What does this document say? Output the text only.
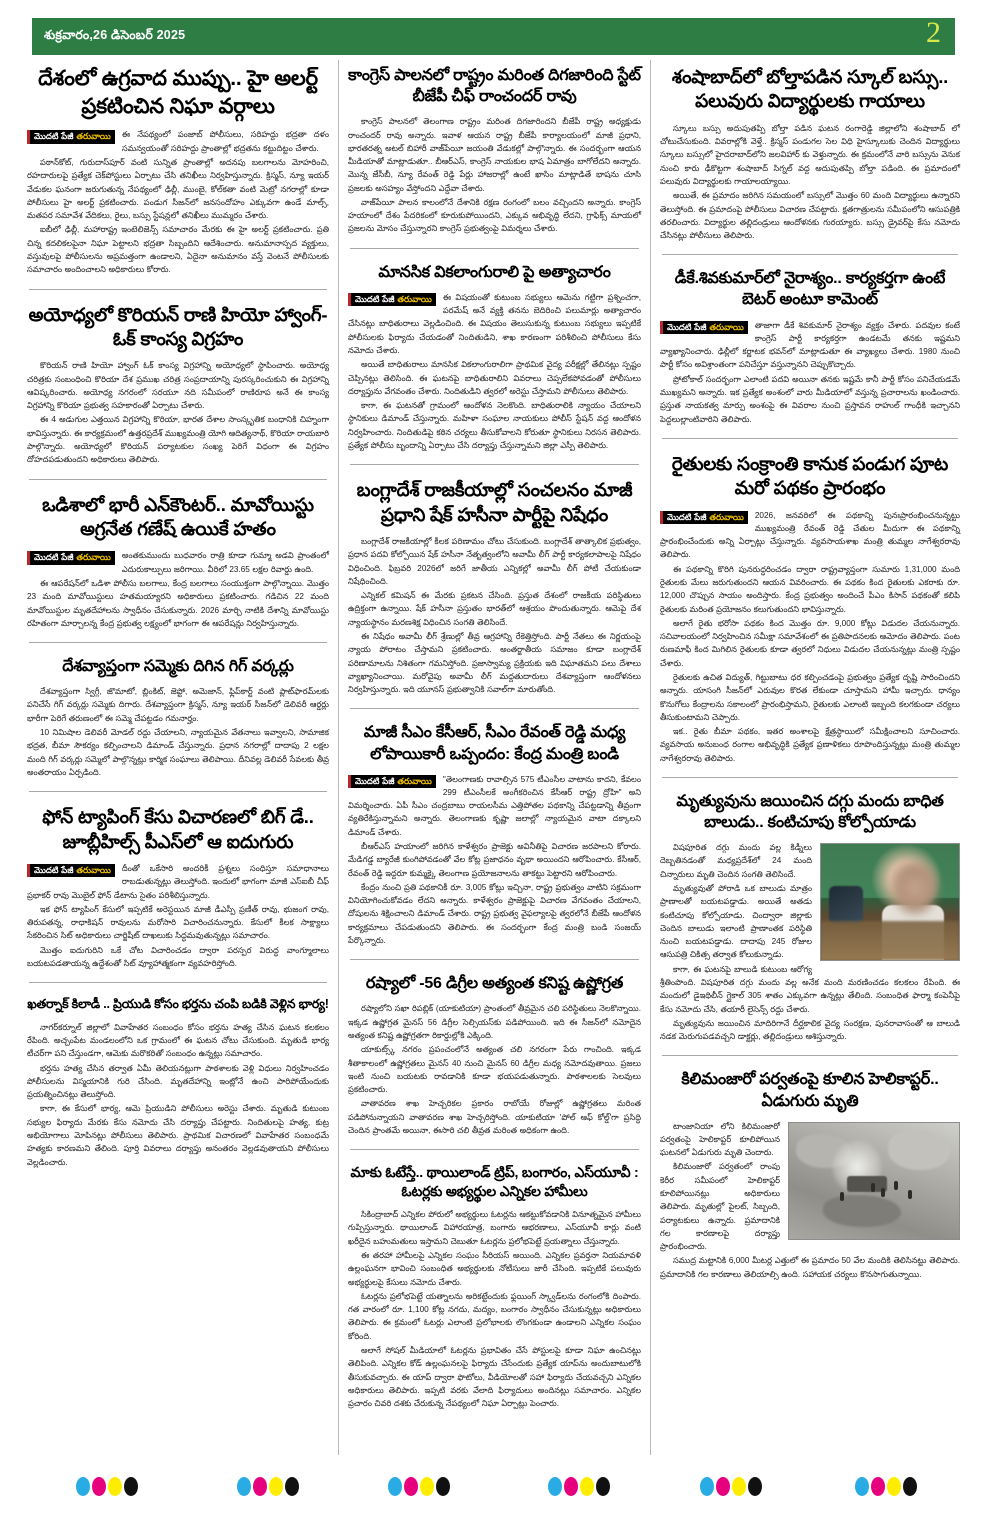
శుక్రవారం,26 డిసెంబర్ 2025	2
దేశంలో ఉగ్రవాద ముప్పు.. హై అలర్ట్ ప్రకటించిన నిఘా వర్గాలు

మొదటి పేజీ తరువాయి	ఈ నేపథ్యంలో పంజాబ్ పోలీసులు, సరిహద్దు భద్రతా దళం సమన్వయంతో సరిహద్దు ప్రాంతాల్లో భద్రతను కట్టుదిట్టం చేశారు.

పఠాన్‌కోట్, గురుదాస్‌పూర్ వంటి సున్నిత ప్రాంతాల్లో అదనపు బలగాలను మోహరించి, రహదారులపై ప్రత్యేక చెక్‌పోస్టులు ఏర్పాటు చేసి తనిఖీలు నిర్వహిస్తున్నారు. క్రిస్మస్, న్యూ ఇయర్ వేడుకల ఘనంగా జరుగుతున్న నేపథ్యంలో ఢిల్లీ, ముంబై, కోల్‌కతా వంటి మెట్రో నగరాల్లో కూడా పోలీసులు హై అలర్ట్ ప్రకటించారు. పండుగ సీజన్‌లో జనసందోహం ఎక్కువగా ఉండే మాల్స్, మతపర సమావేశ వేదికలు, రైలు, బస్సు స్టేషన్లలో తనిఖీలు ముమ్మరం చేశారు.

ఐబీలో ఢిల్లీ, మహారాష్ట్ర ఇంటెలిజెన్స్ సమాచారం మేరకు ఈ హై అలర్ట్ ప్రకటించారు. ప్రతి చిన్న కదలికలపైనా నిఘా పెట్టాలని భద్రతా సిబ్బందిని ఆదేశించారు. అనుమానాస్పద వ్యక్తులు, వస్తువులపై పోలీసులను అప్రమత్తంగా ఉండాలని, ఏదైనా అనుమానం వస్తే వెంటనే పోలీసులకు సమాచారం అందించాలని అధికారులు కోరారు.

అయోధ్యలో కొరియన్ రాణి హియో హ్వాంగ్-ఓక్ కాంస్య విగ్రహం

కొరియన్ రాణి హియో హ్వాంగ్ ఓక్ కాంస్య విగ్రహాన్ని అయోధ్యలో స్థాపించారు. అయోధ్య చరిత్రకు సంబంధించి కొరియా దేశ ప్రముఖ చరిత్ర సంప్రదాయాన్ని పురస్కరించుకుని ఈ విగ్రహాన్ని ఆవిష్కరించారు. అయోధ్య నగరంలో సరయూ నది సమీపంలో రాణిరూప అనే ఈ కాంస్య విగ్రహాన్ని కొరియా ప్రభుత్వ సహకారంతో ఏర్పాటు చేశారు.

ఈ 4 అడుగుల ఎత్తయిన విగ్రహాన్ని కొరియా, భారత దేశాల సాంస్కృతిక బంధానికి చిహ్నంగా భావిస్తున్నారు. ఈ కార్యక్రమంలో ఉత్తరప్రదేశ్ ముఖ్యమంత్రి యోగి ఆదిత్యనాథ్, కొరియా రాయబారి పాల్గొన్నారు. అయోధ్యలో కొరియన్ పర్యాటకుల సంఖ్య పెరిగే విధంగా ఈ విగ్రహం దోహదపడుతుందని అధికారులు తెలిపారు.

ఒడిశాలో భారీ ఎన్‌కౌంటర్.. మావోయిస్టు అగ్రనేత గణేష్ ఉయికే హతం

మొదటి పేజీ తరువాయి	అంతకుముందు బుధవారం రాత్రి కూడా గుమ్మా అడవి ప్రాంతంలో ఎదురుకాల్పులు జరిగాయి. వీరిలో 23.65 లక్షల రివార్డు ఉంది.

ఈ ఆపరేషన్‌లో ఒడిశా పోలీసు బలగాలు, కేంద్ర బలగాలు సంయుక్తంగా పాల్గొన్నాయి. మొత్తం 23 మంది మావోయిస్టులు హతమయ్యారని అధికారులు ప్రకటించారు. గడిచిన 22 మంది మావోయిస్టుల మృతదేహాలను స్వాధీనం చేసుకున్నారు. 2026 మార్చి నాటికి దేశాన్ని మావోయిస్టు రహితంగా మార్చాలన్న కేంద్ర ప్రభుత్వ లక్ష్యంలో భాగంగా ఈ ఆపరేషన్లు నిర్వహిస్తున్నారు.

దేశవ్యాప్తంగా సమ్మెకు దిగిన గిగ్ వర్కర్లు

దేశవ్యాప్తంగా స్విగ్గీ, జొమాటో, బ్లింకిట్, జెప్టో, అమెజాన్, ఫ్లిప్‌కార్ట్ వంటి ప్లాట్‌ఫారమ్‌లకు పనిచేసే గిగ్ వర్కర్లు సమ్మెకు దిగారు. దేశవ్యాప్తంగా క్రిస్మస్, న్యూ ఇయర్ సీజన్‌లో డెలివరీ ఆర్డర్లు భారీగా పెరిగే తరుణంలో ఈ సమ్మె చేపట్టడం గమనార్హం.

10 నిమిషాల డెలివరీ మోడల్ రద్దు చేయాలని, న్యాయమైన వేతనాలు ఇవ్వాలని, సామాజిక భద్రత, బీమా సౌకర్యం కల్పించాలని డిమాండ్ చేస్తున్నారు. ప్రధాన నగరాల్లో దాదాపు 2 లక్షల మంది గిగ్ వర్కర్లు సమ్మెలో పాల్గొన్నట్లు కార్మిక సంఘాలు తెలిపాయి. దీనివల్ల డెలివరీ సేవలకు తీవ్ర అంతరాయం ఏర్పడింది.

ఫోన్ ట్యాపింగ్ కేసు విచారణలో బిగ్ డే.. జూబ్లీహిల్స్ పీఎస్‌లో ఆ ఐదుగురు

మొదటి పేజీ తరువాయి	దీంతో ఒకేసారి అందరికీ ప్రశ్నలు సంధిస్తూ సమాధానాలు రాబడుతున్నట్లు తెలుస్తోంది. ఇందులో భాగంగా మాజీ ఎస్ఐబీ చీఫ్ ప్రభాకర్ రావు మొబైల్ ఫోన్ డేటాను సైతం పరిశీలిస్తున్నారు.

ఇక ఫోన్ ట్యాపింగ్ కేసులో ఇప్పటికే అరెస్టయిన మాజీ డీఎస్పీ ప్రణీత్ రావు, భుజంగ రావు, తిరుపతన్న, రాధాకిషన్ రావులను మరోసారి విచారించనున్నారు. కేసులో కీలక సాక్ష్యాలు సేకరించిన సిట్ అధికారులు చార్జిషీట్ దాఖలుకు సిద్ధమవుతున్నట్లు సమాచారం.

మొత్తం ఐదుగురిని ఒకే చోట విచారించడం ద్వారా పరస్పర విరుద్ధ వాంగ్మూలాలు బయటపడతాయన్న ఉద్దేశంతో సిట్ వ్యూహాత్మకంగా వ్యవహరిస్తోంది.

ఖతర్నాక్ కిలాడీ .. ప్రియుడి కోసం భర్తను చంపి బడికి వెళ్లిన భార్య!

నాగర్‌కర్నూల్ జిల్లాలో వివాహేతర సంబంధం కోసం భర్తను హత్య చేసిన ఘటన కలకలం రేపింది. అచ్చంపేట మండలంలోని ఒక గ్రామంలో ఈ ఘటన చోటు చేసుకుంది. మృతుడి భార్య టీచర్‌గా పని చేస్తుండగా, ఆమెకు మరొకరితో సంబంధం ఉన్నట్లు సమాచారం.

భర్తను హత్య చేసిన తర్వాత ఏమీ తెలియనట్లుగా పాఠశాలకు వెళ్లి విధులు నిర్వహించడం పోలీసులను విస్మయానికి గురి చేసింది. మృతదేహాన్ని ఇంట్లోనే ఉంచి పారిపోయేందుకు ప్రయత్నించినట్లు తెలుస్తోంది.

కాగా, ఈ కేసులో భార్య, ఆమె ప్రియుడిని పోలీసులు అరెస్టు చేశారు. మృతుడి కుటుంబ సభ్యుల ఫిర్యాదు మేరకు కేసు నమోదు చేసి దర్యాప్తు చేపట్టారు. నిందితులపై హత్య, కుట్ర అభియోగాలు మోపినట్లు పోలీసులు తెలిపారు. ప్రాథమిక విచారణలో వివాహేతర సంబంధమే హత్యకు కారణమని తేలింది. పూర్తి వివరాలు దర్యాప్తు అనంతరం వెల్లడవుతాయని పోలీసులు వెల్లడించారు.

కాంగ్రెస్ పాలనలో రాష్ట్రం మరింత దిగజారింది స్టేట్ బీజేపీ చీఫ్ రాంచందర్ రావు

కాంగ్రెస్ పాలనలో తెలంగాణ రాష్ట్రం మరింత దిగజారిందని బీజేపీ రాష్ట్ర అధ్యక్షుడు రాంచందర్ రావు అన్నారు. ఇవాళ ఆయన రాష్ట్ర బీజేపీ కార్యాలయంలో మాజీ ప్రధాని, భారతరత్న అటల్ బిహారీ వాజ్‌పేయీ జయంతి వేడుకల్లో పాల్గొన్నారు. ఈ సందర్భంగా ఆయన మీడియాతో మాట్లాడుతూ.. బీఆర్ఎస్, కాంగ్రెస్ నాయకుల భాష ఏమాత్రం బాగోలేదని అన్నారు. మొన్న జేసీబీ, న్యూ రేవంత్ రెడ్డి పేర్లు హాజరాల్లో ఉంటే ఖాసిం మాట్లాడితే భాషను చూసి ప్రజలకు అసహ్యం వేస్తోందని ఎద్దేవా చేశారు.

వాజ్‌పేయీ పాలన కాలంలోనే దేశానికి రక్షణ రంగంలో బలం వచ్చిందని అన్నారు. కాంగ్రెస్ హయాంలో దేశం పేదరికంలో కూరుకుపోయిందని, ఎక్కువ అభివృద్ధి లేదని, గ్రాఫిక్స్ మాయలో ప్రజలను మోసం చేస్తున్నారని కాంగ్రెస్ ప్రభుత్వంపై విమర్శలు చేశారు.

మానసిక వికలాంగురాలి పై అత్యాచారం

మొదటి పేజీ తరువాయి	ఈ విషయంతో కుటుంబ సభ్యులు ఆమెను గట్టిగా ప్రశ్నించగా, పరమేష్ అనే వ్యక్తి తనను బెదిరించి పలుమార్లు అత్యాచారం చేసినట్లు బాధితురాలు వెల్లడించింది. ఈ విషయం తెలుసుకున్న కుటుంబ సభ్యులు ఇప్పటికే పోలీసులకు ఫిర్యాదు చేయడంతో నిందితుడిని, శాఖ కారణంగా పరిశీలించి పోలీసులు కేసు నమోదు చేశారు.

అయితే బాధితురాలు మానసిక వికలాంగురాలిగా ప్రాథమిక వైద్య పరీక్షల్లో తేలినట్లు స్పష్టం చెప్పినట్లు తెలిసింది. ఈ ఘటనపై బాధితురాలిని వివరాలు చెప్పలేకపోవడంతో పోలీసులు దర్యాప్తును వేగవంతం చేశారు. నిందితుడిని త్వరలో అరెస్టు చేస్తామని పోలీసులు తెలిపారు.

కాగా, ఈ ఘటనతో గ్రామంలో ఆందోళన నెలకొంది. బాధితురాలికి న్యాయం చేయాలని స్థానికులు డిమాండ్ చేస్తున్నారు. మహిళా సంఘాల నాయకులు పోలీస్ స్టేషన్ వద్ద ఆందోళన నిర్వహించారు. నిందితుడిపై కఠిన చర్యలు తీసుకోవాలని కోరుతూ స్థానికులు నిరసన తెలిపారు. ప్రత్యేక పోలీసు బృందాన్ని ఏర్పాటు చేసి దర్యాప్తు చేస్తున్నామని జిల్లా ఎస్పీ తెలిపారు.

బంగ్లాదేశ్ రాజకీయాల్లో సంచలనం మాజీ ప్రధాని షేక్ హసీనా పార్టీపై నిషేధం

బంగ్లాదేశ్ రాజకీయాల్లో కీలక పరిణామం చోటు చేసుకుంది. బంగ్లాదేశ్ తాత్కాలిక ప్రభుత్వం, ప్రధాన పదవి కోల్పోయిన షేక్ హసీనా నేతృత్వంలోని అవామీ లీగ్ పార్టీ కార్యకలాపాలపై నిషేధం విధించింది. ఫిబ్రవరి 2026లో జరిగే జాతీయ ఎన్నికల్లో అవామీ లీగ్ పోటీ చేయకుండా నిషేధించింది.

ఎన్నికల్ కమిషన్ ఈ మేరకు ప్రకటన చేసింది. ప్రస్తుత దేశంలో రాజకీయ పరిస్థితులు ఉద్రిక్తంగా ఉన్నాయి. షేక్ హసీనా ప్రస్తుతం భారత్‌లో ఆశ్రయం పొందుతున్నారు. ఆమెపై దేశ న్యాయస్థానం మరణశిక్ష విధించిన సంగతి తెలిసిందే.

ఈ నిషేధం అవామీ లీగ్ శ్రేణుల్లో తీవ్ర ఆగ్రహాన్ని రేకెత్తిస్తోంది. పార్టీ నేతలు ఈ నిర్ణయంపై న్యాయ పోరాటం చేస్తామని ప్రకటించారు. అంతర్జాతీయ సమాజం కూడా బంగ్లాదేశ్ పరిణామాలను నిశితంగా గమనిస్తోంది. ప్రజాస్వామ్య ప్రక్రియకు ఇది విఘాతమని పలు దేశాలు వ్యాఖ్యానించాయి. మరోవైపు అవామీ లీగ్ మద్దతుదారులు దేశవ్యాప్తంగా ఆందోళనలు నిర్వహిస్తున్నారు. ఇది యూనస్ ప్రభుత్వానికి సవాల్‌గా మారుతోంది.

మాజీ సీఎం కేసీఆర్, సీఎం రేవంత్ రెడ్డి మధ్య లోపాయికారీ ఒప్పందం: కేంద్ర మంత్రి బండి

మొదటి పేజీ తరువాయి	"తెలంగాణకు రావాల్సిన 575 టీఎంసీల వాటాను కాదని, కేవలం 299 టీఎంసీలకే అంగీకరించిన కేసీఆర్ రాష్ట్ర ద్రోహి" అని విమర్శించారు. ఏపీ సీఎం చంద్రబాబు రాయలసీమ ఎత్తిపోతల పథకాన్ని చేపట్టడాన్ని తీవ్రంగా వ్యతిరేకిస్తున్నామని అన్నారు. తెలంగాణకు కృష్ణా జలాల్లో న్యాయమైన వాటా దక్కాలని డిమాండ్ చేశారు.

బీఆర్ఎస్ హయాంలో జరిగిన కాళేశ్వరం ప్రాజెక్టు అవినీతిపై విచారణ జరపాలని కోరారు. మేడిగడ్డ బ్యారేజీ కుంగిపోవడంతో వేల కోట్ల ప్రజాధనం వృథా అయిందని ఆరోపించారు. కేసీఆర్, రేవంత్ రెడ్డి ఇద్దరూ కుమ్మక్కై తెలంగాణ ప్రయోజనాలను తాకట్టు పెట్టారని ఆరోపించారు.

కేంద్రం నుంచి ప్రతి పథకానికీ రూ. 3,005 కోట్లు ఇచ్చినా, రాష్ట్ర ప్రభుత్వం వాటిని సక్రమంగా వినియోగించుకోవడం లేదని అన్నారు. కాళేశ్వరం ప్రాజెక్టుపై విచారణ వేగవంతం చేయాలని, దోషులను శిక్షించాలని డిమాండ్ చేశారు. రాష్ట్ర ప్రభుత్వ వైఫల్యాలపై త్వరలోనే బీజేపీ ఆందోళన కార్యక్రమాలు చేపడుతుందని తెలిపారు. ఈ సందర్భంగా కేంద్ర మంత్రి బండి సంజయ్ పేర్కొన్నారు.

రష్యాలో -56 డిగ్రీల అత్యంత కనిష్ట ఉష్ణోగ్రత

రష్యాలోని సఖా రిపబ్లిక్ (యాకుటియా) ప్రాంతంలో తీవ్రమైన చలి పరిస్థితులు నెలకొన్నాయి. ఇక్కడ ఉష్ణోగ్రత మైనస్ 56 డిగ్రీల సెల్సియస్‌కు పడిపోయింది. ఇది ఈ సీజన్‌లో నమోదైన అత్యంత కనిష్ట ఉష్ణోగ్రతగా రికార్డుల్లోకి ఎక్కింది.

యాకుట్స్క్ నగరం ప్రపంచంలోనే అత్యంత చలి నగరంగా పేరు గాంచింది. ఇక్కడ శీతాకాలంలో ఉష్ణోగ్రతలు మైనస్ 40 నుంచి మైనస్ 60 డిగ్రీల మధ్య నమోదవుతాయి. ప్రజలు ఇంటి నుంచి బయటకు రావడానికి కూడా భయపడుతున్నారు. పాఠశాలలకు సెలవులు ప్రకటించారు.

వాతావరణ శాఖ హెచ్చరికల ప్రకారం రాబోయే రోజుల్లో ఉష్ణోగ్రతలు మరింత పడిపోనున్నాయని వాతావరణ శాఖ హెచ్చరిస్తోంది. యాకుటియా 'పోల్ ఆఫ్ కోల్డ్'గా ప్రసిద్ధి చెందిన ప్రాంతమే అయినా, ఈసారి చలి తీవ్రత మరింత అధికంగా ఉంది.

మాకు ఓటేస్తే.. థాయిలాండ్ ట్రిప్, బంగారం, ఎస్‌యూవీ : ఓటర్లకు అభ్యర్థుల ఎన్నికల హామీలు

సికింద్రాబాద్ ఎన్నికల పోరులో అభ్యర్థులు ఓటర్లను ఆకట్టుకోవడానికి వినూత్నమైన హామీలు గుప్పిస్తున్నారు. థాయిలాండ్ విహారయాత్ర, బంగారు ఆభరణాలు, ఎస్‌యూవీ కార్లు వంటి ఖరీదైన బహుమతులు ఇస్తామని చెబుతూ ఓటర్లను ప్రలోభపెట్టే ప్రయత్నాలు చేస్తున్నారు.

ఈ తరహా హామీలపై ఎన్నికల సంఘం సీరియస్ అయింది. ఎన్నికల ప్రవర్తనా నియమావళి ఉల్లంఘనగా భావించి సంబంధిత అభ్యర్థులకు నోటీసులు జారీ చేసింది. ఇప్పటికే పలువురు అభ్యర్థులపై కేసులు నమోదు చేశారు.

ఓటర్లను ప్రలోభపెట్టే యత్నాలను అరికట్టేందుకు ఫ్లయింగ్ స్క్వాడ్‌లను రంగంలోకి దింపారు. గత వారంలో రూ. 1,100 కోట్ల నగదు, మద్యం, బంగారం స్వాధీనం చేసుకున్నట్లు అధికారులు తెలిపారు. ఈ క్రమంలో ఓటర్లు ఎలాంటి ప్రలోభాలకు లొంగకుండా ఉండాలని ఎన్నికల సంఘం కోరింది.

అలాగే సోషల్ మీడియాలో ఓటర్లను ప్రభావితం చేసే పోస్టులపై కూడా నిఘా ఉంచినట్లు తెలిపింది. ఎన్నికల కోడ్ ఉల్లంఘనలపై ఫిర్యాదు చేసేందుకు ప్రత్యేక యాప్‌ను అందుబాటులోకి తీసుకువచ్చారు. ఈ యాప్ ద్వారా ఫొటోలు, వీడియోలతో సహా ఫిర్యాదు చేయవచ్చని ఎన్నికల అధికారులు తెలిపారు. ఇప్పటి వరకు వేలాది ఫిర్యాదులు అందినట్లు సమాచారం. ఎన్నికల ప్రచారం చివరి దశకు చేరుకున్న నేపథ్యంలో నిఘా ఏర్పాట్లు పెంచారు.

శంషాబాద్‌లో బోల్తాపడిన స్కూల్ బస్సు.. పలువురు విద్యార్థులకు గాయాలు

స్కూలు బస్సు అదుపుతప్పి బోల్తా పడిన ఘటన రంగారెడ్డి జిల్లాలోని శంషాబాద్ లో చోటుచేసుకుంది. వివరాల్లోకి వెళ్తే.. క్రిస్మస్ పండుగల సెల విధి హైస్కూలుకు చెందిన విద్యార్థులు స్కూలు బస్సులో హైదరాబాద్‌లోని జలవిహార్ కు వెళ్తున్నారు. ఈ క్రమంలోనే వారి బస్సును వెనుక నుంచి కారు ఢీకొట్టగా శంషాబాద్ సిగ్నల్ వద్ద అదుపుతప్పి బోల్తా పడింది. ఈ ప్రమాదంలో పలువురు విద్యార్థులకు గాయాలయ్యాయి.

అయితే, ఈ ప్రమాదం జరిగిన సమయంలో బస్సులో మొత్తం 60 మంది విద్యార్థులు ఉన్నారని తెలుస్తోంది. ఈ ప్రమాదంపై పోలీసులు విచారణ చేపట్టారు. క్షతగాత్రులను సమీపంలోని ఆసుపత్రికి తరలించారు. విద్యార్థుల తల్లిదండ్రులు ఆందోళనకు గురయ్యారు. బస్సు డ్రైవర్‌పై కేసు నమోదు చేసినట్లు పోలీసులు తెలిపారు.

డీకే.శివకుమార్‌లో నైరాశ్యం.. కార్యకర్తగా ఉంటే బెటర్ అంటూ కామెంట్

మొదటి పేజీ తరువాయి	తాజాగా డీకే శివకుమార్ నైరాశ్యం వ్యక్తం చేశారు. పదవుల కంటే కాంగ్రెస్ పార్టీ కార్యకర్తగా ఉండటమే తనకు ఇష్టమని వ్యాఖ్యానించారు. ఢిల్లీలో కర్ణాటక భవన్‌లో మాట్లాడుతూ ఈ వ్యాఖ్యలు చేశారు. 1980 నుంచి పార్టీ కోసం అవిశ్రాంతంగా పనిచేస్తూ వస్తున్నానని చెప్పుకొచ్చారు.

ప్రోటోకాల్ సందర్భంగా ఎలాంటి పదవి అయినా తనకు ఇష్టమే కానీ పార్టీ కోసం పనిచేయడమే ముఖ్యమని అన్నారు. ఇక ప్రత్యేక అంశంలో వారు మీడియాలో వస్తున్న ప్రచారాలను ఖండించారు. ప్రస్తుత నాయకత్వ మార్పు అంశంపై ఈ వివరాల నుంచి ప్రస్తావన రాహుల్ గాంధీకి ఇచ్చానని పెద్దలుల్లాంటివారిని తెలిపారు.

రైతులకు సంక్రాంతి కానుక పండుగ పూట మరో పథకం ప్రారంభం

మొదటి పేజీ తరువాయి	2026, జనవరిలో ఈ పథకాన్ని పునఃప్రారంభించనున్నట్టు ముఖ్యమంత్రి రేవంత్ రెడ్డి చేతుల మీదుగా ఈ పథకాన్ని ప్రారంభించేందుకు అన్ని ఏర్పాట్లు చేస్తున్నారు. వ్యవసాయశాఖ మంత్రి తుమ్మల నాగేశ్వరరావు తెలిపారు.

ఈ పథకాన్ని కొరిగి పునరుద్ధరించడం ద్వారా రాష్ట్రవ్యాప్తంగా సుమారు 1,31,000 మంది రైతులకు మేలు జరుగుతుందని ఆయన వివరించారు. ఈ పథకం కింద రైతులకు ఎకరాకు రూ. 12,000 చొప్పున సాయం అందిస్తారు. కేంద్ర ప్రభుత్వం అందించే పీఎం కిసాన్ పథకంతో కలిపి రైతులకు మరింత ప్రయోజనం కలుగుతుందని భావిస్తున్నారు.

అలాగే రైతు భరోసా పథకం కింద మొత్తం రూ. 9,000 కోట్లు విడుదల చేయనున్నారు. సచివాలయంలో నిర్వహించిన సమీక్షా సమావేశంలో ఈ ప్రతిపాదనలకు ఆమోదం తెలిపారు. పంట రుణమాఫీ కింద మిగిలిన రైతులకు కూడా త్వరలో నిధులు విడుదల చేయనున్నట్లు మంత్రి స్పష్టం చేశారు.

రైతులకు ఉచిత విద్యుత్, గిట్టుబాటు ధర కల్పించడంపై ప్రభుత్వం ప్రత్యేక దృష్టి సారించిందని అన్నారు. యాసంగి సీజన్‌లో ఎరువుల కొరత లేకుండా చూస్తామని హామీ ఇచ్చారు. ధాన్యం కొనుగోలు కేంద్రాలను సకాలంలో ప్రారంభిస్తామని, రైతులకు ఎలాంటి ఇబ్బంది కలగకుండా చర్యలు తీసుకుంటామని చెప్పారు.

ఇక.. రైతు బీమా పథకం, ఇతర అంశాలపై క్షేత్రస్థాయిలో సమీక్షించాలని సూచించారు. వ్యవసాయ అనుబంధ రంగాల అభివృద్ధికి ప్రత్యేక ప్రణాళికలు రూపొందిస్తున్నట్లు మంత్రి తుమ్మల నాగేశ్వరరావు తెలిపారు.

మృత్యువును జయించిన దగ్గు మందు బాధిత బాలుడు.. కంటిచూపు కోల్పోయాడు

విషపూరిత దగ్గు మందు వల్ల కిడ్నీలు దెబ్బతినడంతో మధ్యప్రదేశ్‌లో 24 మంది చిన్నారులు మృతి చెందిన సంగతి తెలిసిందే.

మృత్యువుతో పోరాడి ఒక బాలుడు మాత్రం ప్రాణాలతో బయటపడ్డాడు. అయితే అతడు కంటిచూపు కోల్పోయాడు. చింద్వారా జిల్లాకు చెందిన బాలుడు ఇలాంటి ప్రాణాంతక పరిస్థితి నుంచి బయటపడ్డాడు. దాదాపు 245 రోజుల ఆసుపత్రి చికిత్స తర్వాత కోలుకున్నాడు.

కాగా, ఈ ఘటనపై బాలుడి కుటుంబ ఆరోగ్య శ్రీతింపొంది. విషపూరిత దగ్గు మందు వల్ల అనేక మంది మరణించడం కలకలం రేపింది. ఈ మందులో డైఇథిలీన్ గ్లైకాల్ 305 శాతం ఎక్కువగా ఉన్నట్లు తేలింది. సంబంధిత ఫార్మా కంపెనీపై కేసు నమోదు చేసి, తయారీ లైసెన్స్ రద్దు చేశారు.

మృత్యువును జయించిన మాదిరిగానే దీర్ఘకాలిక వైద్య సంరక్షణ, పునరావాసంతో ఆ బాలుడి నడక మెరుగుపడవచ్చని డాక్టర్లు, తల్లిదండ్రులు ఆశిస్తున్నారు.

కిలిమంజారో పర్వతంపై కూలిన హెలికాప్టర్.. ఏడుగురు మృతి

టాంజానియా లోని కిలిమంజారో పర్వతంపై హెలికాప్టర్ కూలిపోయిన ఘటనలో ఏడుగురు మృతి చెందారు.

కిలిమంజారో పర్వతంలో రాంపు కెరీర సమీపంలో హెలికాప్టర్ కూలిపోయినట్లు అధికారులు తెలిపారు. మృతుల్లో పైలట్, సిబ్బంది, పర్యాటకులు ఉన్నారు. ప్రమాదానికి గల కారణాలపై దర్యాప్తు ప్రారంభించారు.

సముద్ర మట్టానికి 6,000 మీటర్ల ఎత్తులో ఈ ప్రమాదం 50 వేల మందికి తెలిసినట్టు తెలిపారు. ప్రమాదానికి గల కారణాలు తెలియాల్సి ఉంది. సహాయక చర్యలు కొనసాగుతున్నాయి.
